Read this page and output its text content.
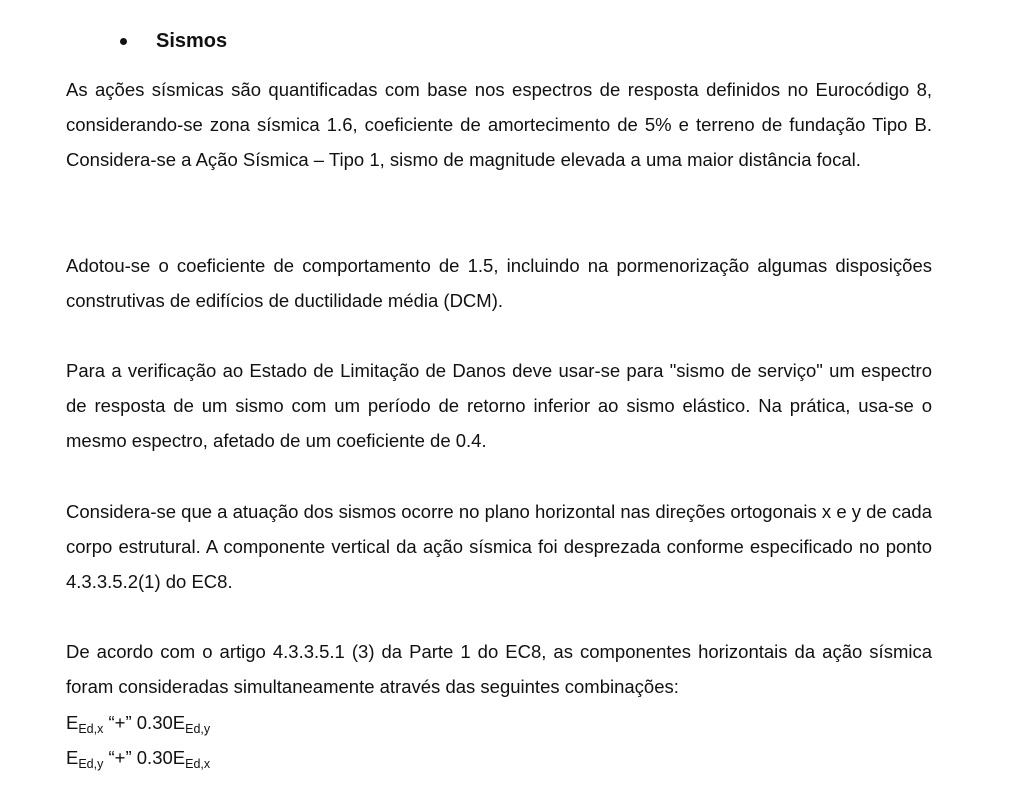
Sismos

As ações sísmicas são quantificadas com base nos espectros de resposta definidos no Eurocódigo 8, considerando-se zona sísmica 1.6, coeficiente de amortecimento de 5% e terreno de fundação Tipo B. Considera-se a Ação Sísmica – Tipo 1, sismo de magnitude elevada a uma maior distância focal.

Adotou-se o coeficiente de comportamento de 1.5, incluindo na pormenorização algumas disposições construtivas de edifícios de ductilidade média (DCM).

Para a verificação ao Estado de Limitação de Danos deve usar-se para "sismo de serviço" um espectro de resposta de um sismo com um período de retorno inferior ao sismo elástico. Na prática, usa-se o mesmo espectro, afetado de um coeficiente de 0.4.

Considera-se que a atuação dos sismos ocorre no plano horizontal nas direções ortogonais x e y de cada corpo estrutural. A componente vertical da ação sísmica foi desprezada conforme especificado no ponto 4.3.3.5.2(1) do EC8.

De acordo com o artigo 4.3.3.5.1 (3) da Parte 1 do EC8, as componentes horizontais da ação sísmica foram consideradas simultaneamente através das seguintes combinações:

$E_{Ed,x}$ “+” $0.30E_{Ed,y}$
$E_{Ed,y}$ “+” $0.30E_{Ed,x}$
